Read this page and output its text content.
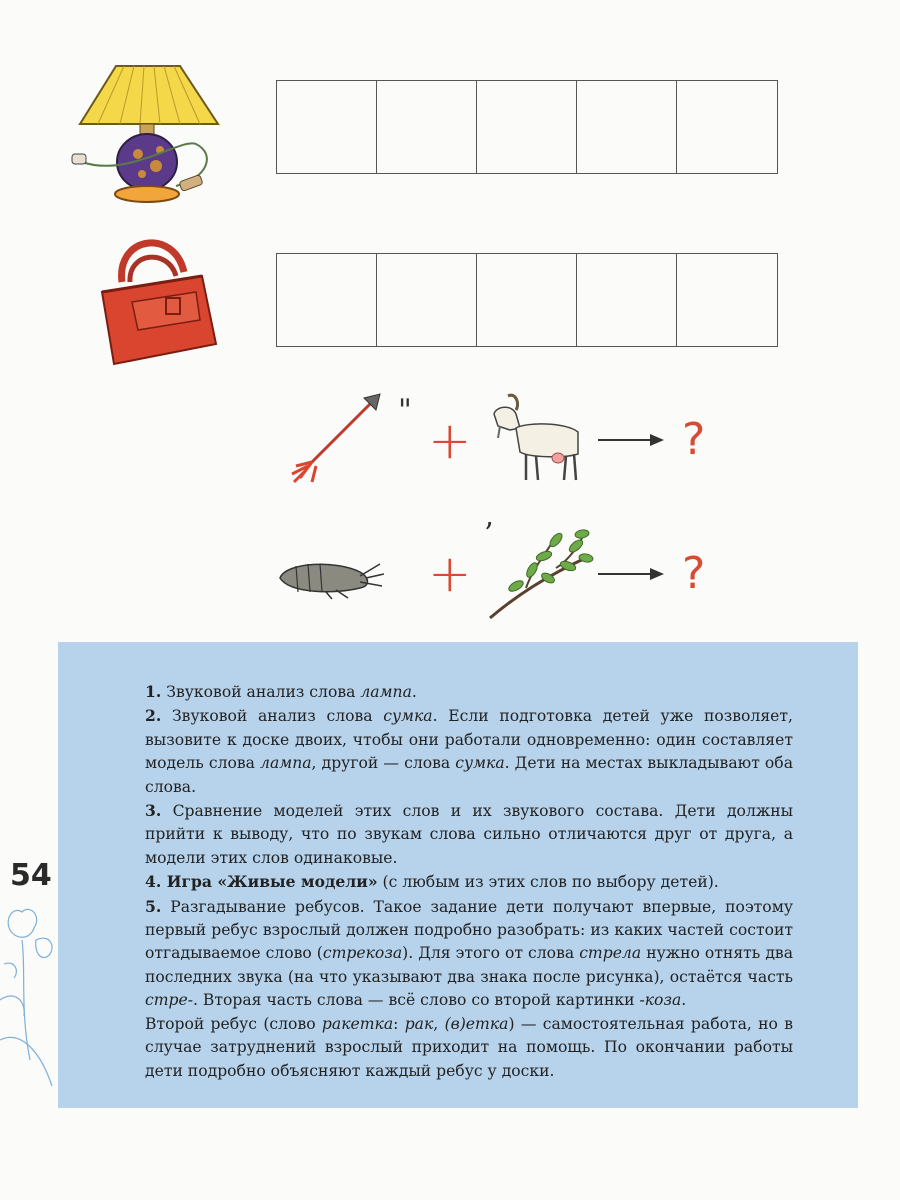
"
+	?
+
’
?
54

1. Звуковой анализ слова лампа.

2. Звуковой анализ слова сумка. Если подготовка детей уже позволяет, вызовите к доске двоих, чтобы они работали одновременно: один составляет модель слова лампа, другой — слова сумка. Дети на местах выкладывают оба слова.

3. Сравнение моделей этих слов и их звукового состава. Дети должны прийти к выводу, что по звукам слова сильно отличаются друг от друга, а модели этих слов одинаковые.

4. Игра «Живые модели» (с любым из этих слов по выбору детей).

5. Разгадывание ребусов. Такое задание дети получают впервые, поэтому первый ребус взрослый должен подробно разобрать: из каких частей состоит отгадываемое слово (стрекоза). Для этого от слова стрела нужно отнять два последних звука (на что указывают два знака после рисунка), остаётся часть стре-. Вторая часть слова — всё слово со второй картинки -коза.

Второй ребус (слово ракетка: рак, (в)етка) — самостоятельная работа, но в случае затруднений взрослый приходит на помощь. По окончании работы дети подробно объясняют каждый ребус у доски.
